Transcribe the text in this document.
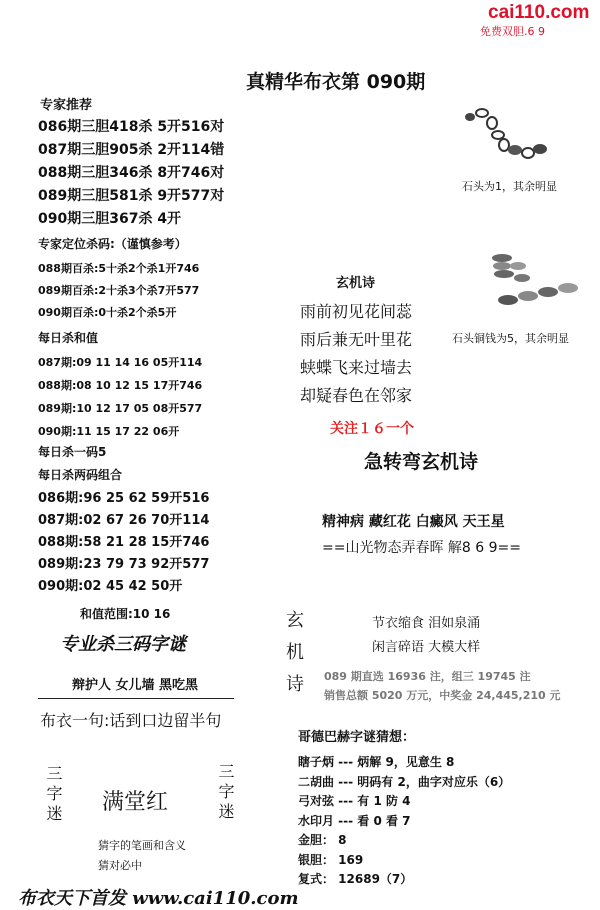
cai110.com
免费双胆.6 9
真精华布衣第 090期
专家推荐
086期三胆418杀 5开516对
087期三胆905杀 2开114错
088期三胆346杀 8开746对
089期三胆581杀 9开577对
090期三胆367杀 4开
专家定位杀码:（谨慎参考）
088期百杀:5十杀2个杀1开746
089期百杀:2十杀3个杀7开577
090期百杀:0十杀2个杀5开
每日杀和值
087期:09 11 14 16 05开114
088期:08 10 12 15 17开746
089期:10 12 17 05 08开577
090期:11 15 17 22 06开
每日杀一码5
每日杀两码组合
086期:96 25 62 59开516
087期:02 67 26 70开114
088期:58 21 28 15开746
089期:23 79 73 92开577
090期:02 45 42 50开
和值范围:10 16
专业杀三码字谜
辩护人 女儿墙 黑吃黑
布衣一句:话到口边留半句
三字迷	三字迷
满堂红
猜字的笔画和含义
猜对必中
布衣天下首发 www.cai110.com
石头为1，其余明显
玄机诗
雨前初见花间蕊
雨后兼无叶里花
蛱蝶飞来过墙去
却疑春色在邻家
石头铜钱为5，其余明显
关注１６一个
急转弯玄机诗
精神病 藏红花 白癜风 天王星
==山光物态弄春晖 解8 6 9==
玄
机
诗
节衣缩食 泪如泉涌
闲言碎语 大模大样
089 期直选 16936 注，组三 19745 注
销售总额 5020 万元，中奖金 24,445,210 元
哥德巴赫字谜猜想：
瞎子炳 --- 炳解 9，见意生 8
二胡曲 --- 明码有 2，曲字对应乐（6）
弓对弦 --- 有 1 防 4
水印月 --- 看 0 看 7
金胆： 8
银胆： 169
复式： 12689（7）
